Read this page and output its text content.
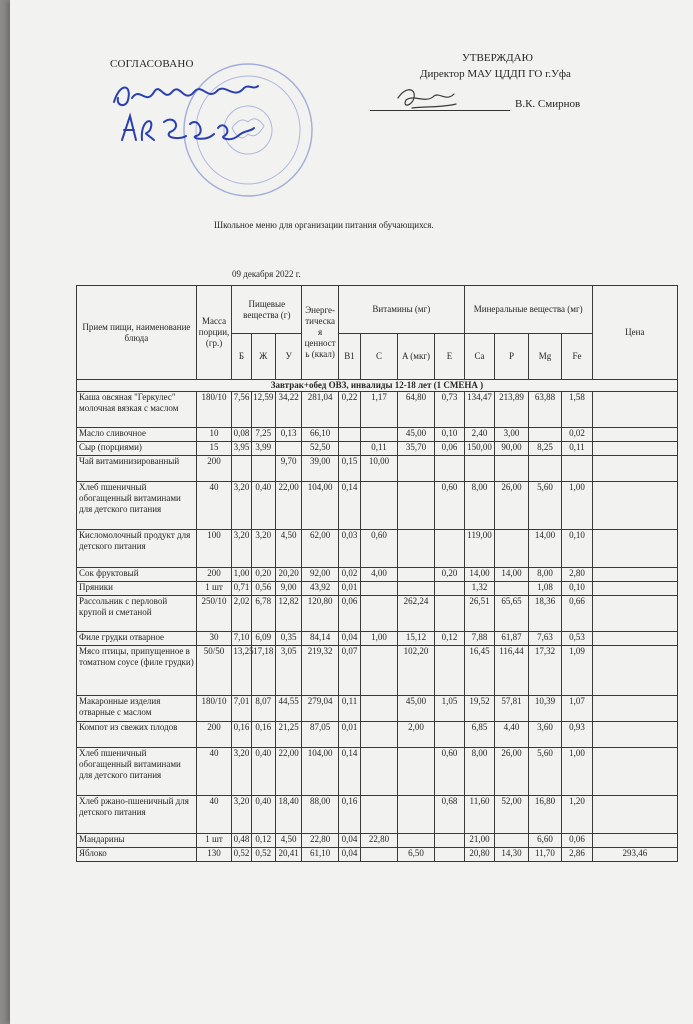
СОГЛАСОВАНО	УТВЕРЖДАЮ
Директор МАУ ЦДДП ГО г.Уфа
В.К. Смирнов
Школьное меню для организации питания обучающихся.
09 декабря 2022 г.
Прием пищи, наименование блюда	Масса порции, (гр.)	Пищевые вещества (г)			Энерге-тическая ценность (ккал)	Витамины (мг)				Минеральные вещества (мг)				Цена
		Б	Ж	У		B1	C	A (мкг)	E	Ca	P	Mg	Fe	
Завтрак+обед ОВЗ, инвалиды 12-18 лет (1 СМЕНА )														
Каша овсяная "Геркулес" молочная вязкая с маслом	180/10	7,56	12,59	34,22	281,04	0,22	1,17	64,80	0,73	134,47	213,89	63,88	1,58	
Масло сливочное	10	0,08	7,25	0,13	66,10			45,00	0,10	2,40	3,00		0,02	
Сыр (порциями)	15	3,95	3,99		52,50		0,11	35,70	0,06	150,00	90,00	8,25	0,11	
Чай витаминизированный	200			9,70	39,00	0,15	10,00							
Хлеб пшеничный обогащенный витаминами для детского питания	40	3,20	0,40	22,00	104,00	0,14			0,60	8,00	26,00	5,60	1,00	
Кисломолочный продукт для детского питания	100	3,20	3,20	4,50	62,00	0,03	0,60			119,00		14,00	0,10	
Сок фруктовый	200	1,00	0,20	20,20	92,00	0,02	4,00		0,20	14,00	14,00	8,00	2,80	
Пряники	1 шт	0,71	0,56	9,00	43,92	0,01				1,32		1,08	0,10	
Рассольник с перловой крупой и сметаной	250/10	2,02	6,78	12,82	120,80	0,06		262,24		26,51	65,65	18,36	0,66	
Филе грудки отварное	30	7,10	6,09	0,35	84,14	0,04	1,00	15,12	0,12	7,88	61,87	7,63	0,53	
Мясо птицы, припущенное в томатном соусе (филе грудки)	50/50	13,25	17,18	3,05	219,32	0,07		102,20		16,45	116,44	17,32	1,09	
Макаронные изделия отварные с маслом	180/10	7,01	8,07	44,55	279,04	0,11		45,00	1,05	19,52	57,81	10,39	1,07	
Компот из свежих плодов	200	0,16	0,16	21,25	87,05	0,01		2,00		6,85	4,40	3,60	0,93	
Хлеб пшеничный обогащенный витаминами для детского питания	40	3,20	0,40	22,00	104,00	0,14			0,60	8,00	26,00	5,60	1,00	
Хлеб ржано-пшеничный для детского питания	40	3,20	0,40	18,40	88,00	0,16			0,68	11,60	52,00	16,80	1,20	
Мандарины	1 шт	0,48	0,12	4,50	22,80	0,04	22,80			21,00		6,60	0,06	
Яблоко	130	0,52	0,52	20,41	61,10	0,04		6,50		20,80	14,30	11,70	2,86	293,46
